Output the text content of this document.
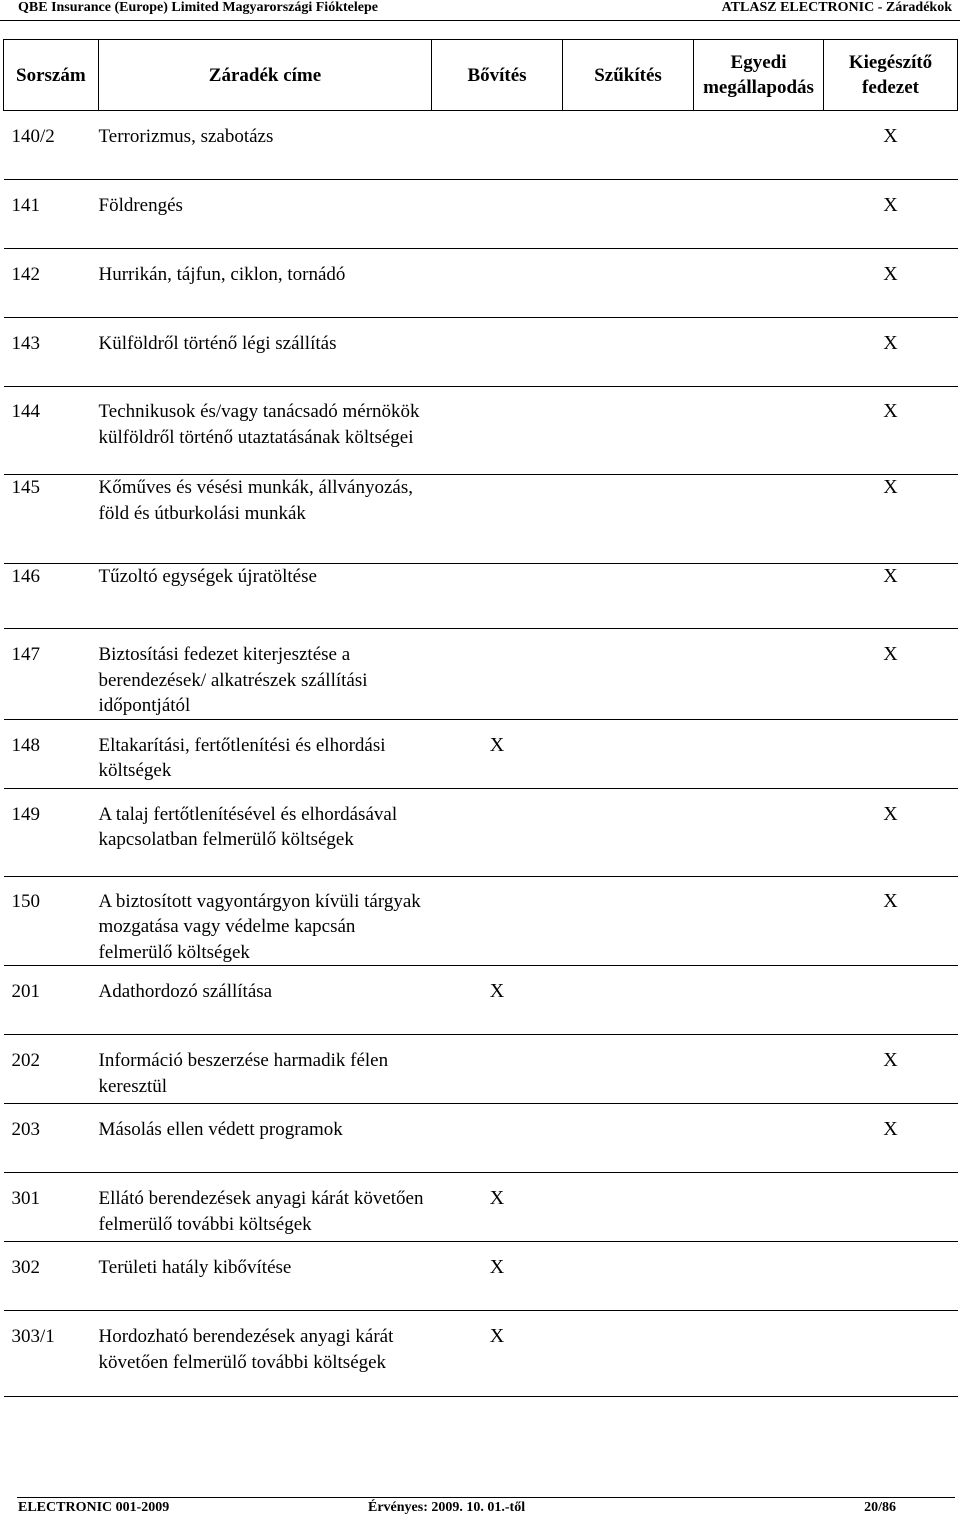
QBE Insurance (Europe) Limited Magyarországi Fióktelepe	ATLASZ ELECTRONIC - Záradékok
Sorszám	Záradék címe	Bővítés	Szűkítés	Egyedi megállapodás	Kiegészítő fedezet
140/2	Terrorizmus, szabotázs				X
141	Földrengés				X
142	Hurrikán, tájfun, ciklon, tornádó				X
143	Külföldről történő légi szállítás				X
144	Technikusok és/vagy tanácsadó mérnökök külföldről történő utaztatásának költségei				X
145	Kőműves és vésési munkák, állványozás, föld és útburkolási munkák				X
146	Tűzoltó egységek újratöltése				X
147	Biztosítási fedezet kiterjesztése a berendezések/ alkatrészek szállítási időpontjától				X
148	Eltakarítási, fertőtlenítési és elhordási költségek	X			
149	A talaj fertőtlenítésével és elhordásával kapcsolatban felmerülő költségek				X
150	A biztosított vagyontárgyon kívüli tárgyak mozgatása vagy védelme kapcsán felmerülő költségek				X
201	Adathordozó szállítása	X			
202	Információ beszerzése harmadik félen keresztül				X
203	Másolás ellen védett programok				X
301	Ellátó berendezések anyagi kárát követően felmerülő további költségek	X			
302	Területi hatály kibővítése	X			
303/1	Hordozható berendezések anyagi kárát követően felmerülő további költségek	X			
ELECTRONIC 001-2009	Érvényes: 2009. 10. 01.-től	20/86
